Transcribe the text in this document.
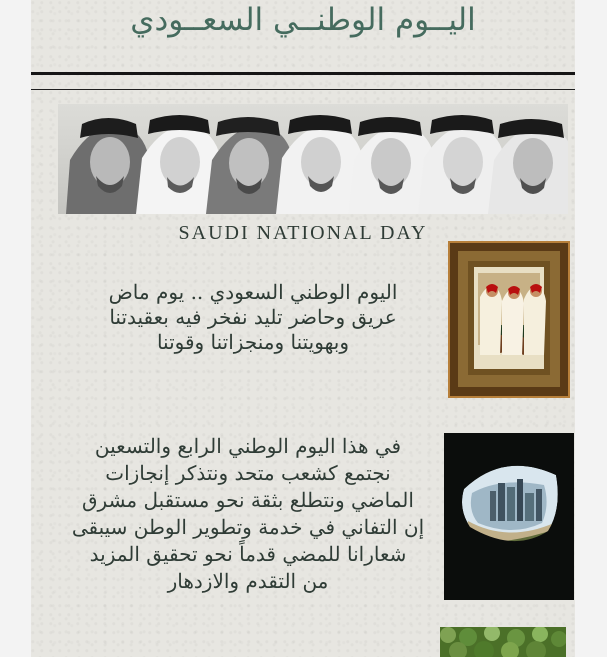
اليــوم الوطنــي السعــودي
SAUDI NATIONAL DAY
اليوم الوطني السعودي .. يوم ماض
عريق وحاضر تليد نفخر فيه بعقيدتنا
وبهويتنا ومنجزاتنا وقوتنا
في هذا اليوم الوطني الرابع والتسعين
نجتمع كشعب متحد ونتذكر إنجازات
الماضي ونتطلع بثقة نحو مستقبل مشرق
إن التفاني في خدمة وتطوير الوطن سيبقى
شعارانا للمضي قدماً نحو تحقيق المزيد
من التقدم والازدهار
